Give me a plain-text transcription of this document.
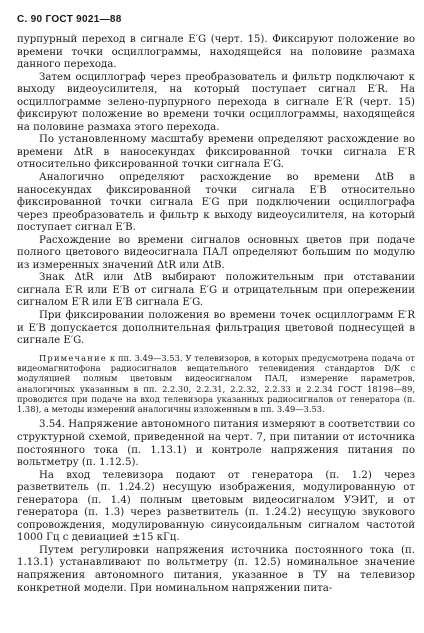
С. 90 ГОСТ 9021—88

пурпурный переход в сигнале E′G (черт. 15). Фиксируют положение во времени точки осциллограммы, находящейся на половине размаха данного перехода.

Затем осциллограф через преобразователь и фильтр подключают к выходу видеоусилителя, на который поступает сигнал E′R. На осциллограмме зелено-пурпурного перехода в сигнале E′R (черт. 15) фиксируют положение во времени точки осциллограммы, находящейся на половине размаха этого перехода.

По установленному масштабу времени определяют расхождение во времени ΔtR в наносекундах фиксированной точки сигнала E′R относительно фиксированной точки сигнала E′G.

Аналогично определяют расхождение во времени ΔtB в наносекундах фиксированной точки сигнала E′B относительно фиксированной точки сигнала E′G при подключении осциллографа через преобразователь и фильтр к выходу видеоусилителя, на который поступает сигнал E′B.

Расхождение во времени сигналов основных цветов при подаче полного цветового видеосигнала ПАЛ определяют большим по модулю из измеренных значений ΔtR или ΔtB.

Знак ΔtR или ΔtB выбирают положительным при отставании сигнала E′R или E′B от сигнала E′G и отрицательным при опережении сигналом E′R или E′B сигнала E′G.

При фиксировании положения во времени точек осциллограмм E′R и E′B допускается дополнительная фильтрация цветовой поднесущей в сигнале E′G.

Примечание к пп. 3.49—3.53. У телевизоров, в которых предусмотрена подача от видеомагнитофона радиосигналов вещательного телевидения стандартов D/K с модуляцией полным цветовым видеосигналом ПАЛ, измерение параметров, аналогичных указанным в пп. 2.2.30, 2.2.31, 2.2.32, 2.2.33 и 2.2.34 ГОСТ 18198—89, проводится при подаче на вход телевизора указанных радиосигналов от генератора (п. 1.38), а методы измерений аналогичны изложенным в пп. 3.49—3.53.

3.54. Напряжение автономного питания измеряют в соответствии со структурной схемой, приведенной на черт. 7, при питании от источника постоянного тока (п. 1.13.1) и контроле напряжения питания по вольтметру (п. 1.12.5).

На вход телевизора подают от генератора (п. 1.2) через разветвитель (п. 1.24.2) несущую изображения, модулированную от генератора (п. 1.4) полным цветовым видеосигналом УЭИТ, и от генератора (п. 1.3) через разветвитель (п. 1.24.2) несущую звукового сопровождения, модулированную синусоидальным сигналом частотой 1000 Гц с девиацией ±15 кГц.

Путем регулировки напряжения источника постоянного тока (п. 1.13.1) устанавливают по вольтметру (п. 12.5) номинальное значение напряжения автономного питания, указанное в ТУ на телевизор конкретной модели. При номинальном напряжении пита-
